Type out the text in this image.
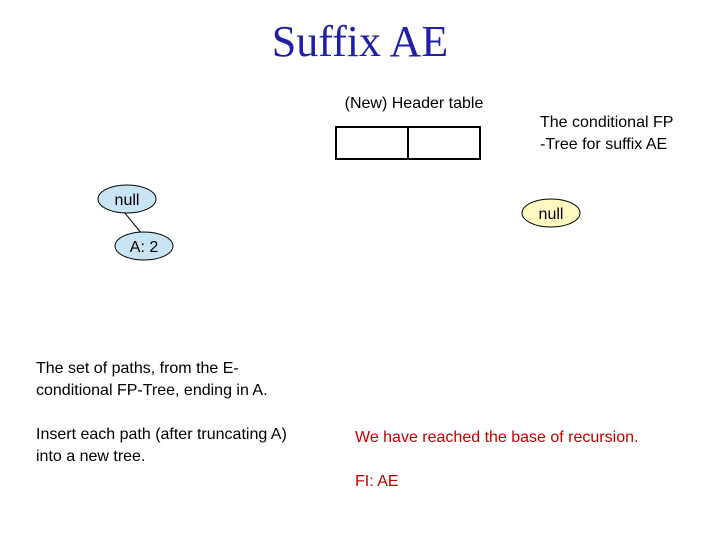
Suffix AE
(New) Header table
The conditional FP
-Tree for suffix AE
null
A: 2
null
The set of paths, from the E-
conditional FP-Tree, ending in A.
Insert each path (after truncating A)
into a new tree.
We have reached the base of recursion.
FI: AE
